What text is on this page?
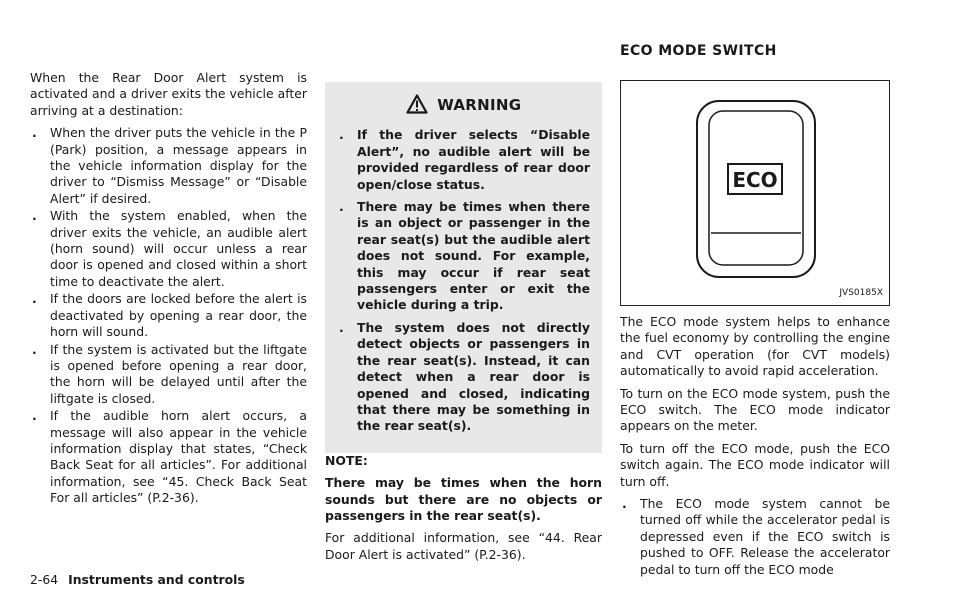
ECO MODE SWITCH

When the Rear Door Alert system is activated and a driver exits the vehicle after arriving at a destination:

. When the driver puts the vehicle in the P (Park) position, a message appears in the vehicle information display for the driver to “Dismiss Message” or “Disable Alert” if desired.
. With the system enabled, when the driver exits the vehicle, an audible alert (horn sound) will occur unless a rear door is opened and closed within a short time to deactivate the alert.
. If the doors are locked before the alert is deactivated by opening a rear door, the horn will sound.
. If the system is activated but the liftgate is opened before opening a rear door, the horn will be delayed until after the liftgate is closed.
. If the audible horn alert occurs, a message will also appear in the vehicle information display that states, “Check Back Seat for all articles”. For additional information, see “45. Check Back Seat For all articles” (P.2-36).
WARNING
. If the driver selects “Disable Alert”, no audible alert will be provided regardless of rear door open/close status.
. There may be times when there is an object or passenger in the rear seat(s) but the audible alert does not sound. For example, this may occur if rear seat passengers enter or exit the vehicle during a trip.
. The system does not directly detect objects or passengers in the rear seat(s). Instead, it can detect when a rear door is opened and closed, indicating that there may be something in the rear seat(s).

NOTE:

There may be times when the horn sounds but there are no objects or passengers in the rear seat(s).

For additional information, see “44. Rear Door Alert is activated” (P.2-36).

ECO
JVS0185X

The ECO mode system helps to enhance the fuel economy by controlling the engine and CVT operation (for CVT models) automatically to avoid rapid acceleration.

To turn on the ECO mode system, push the ECO switch. The ECO mode indicator appears on the meter.

To turn off the ECO mode, push the ECO switch again. The ECO mode indicator will turn off.

. The ECO mode system cannot be turned off while the accelerator pedal is depressed even if the ECO switch is pushed to OFF. Release the accelerator pedal to turn off the ECO mode
2-64 Instruments and controls
